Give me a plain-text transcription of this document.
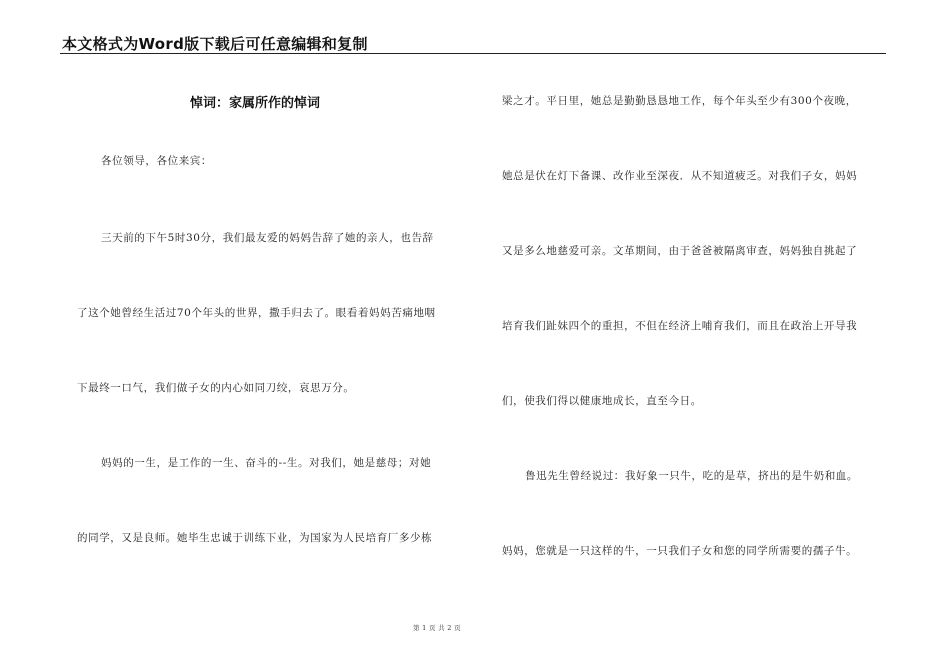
本文格式为Word版下载后可任意编辑和复制
悼词：家属所作的悼词
各位领导，各位来宾：
三天前的下午5时30分，我们最友爱的妈妈告辞了她的亲人，也告辞
了这个她曾经生活过70个年头的世界，撒手归去了。眼看着妈妈苦痛地咽
下最终一口气，我们做子女的内心如同刀绞，哀思万分。
妈妈的一生，是工作的一生、奋斗的--生。对我们，她是慈母；对她
的同学，又是良师。她毕生忠诚于训练下业，为国家为人民培育厂多少栋
梁之才。平日里，她总是勤勤恳恳地工作，每个年头至少有300个夜晚，
她总是伏在灯下备课、改作业至深夜．从不知道疲乏。对我们子女，妈妈
又是多么地慈爱可亲。文革期间，由于爸爸被隔离审查，妈妈独自挑起了
培育我们趾妹四个的重担，不但在经济上哺育我们，而且在政治上开导我
们，使我们得以健康地成长，直至今日。
鲁迅先生曾经说过：我好象一只牛，吃的是草，挤出的是牛奶和血。
妈妈，您就是一只这样的牛，一只我们子女和您的同学所需要的孺子牛。
第 1 页 共 2 页
